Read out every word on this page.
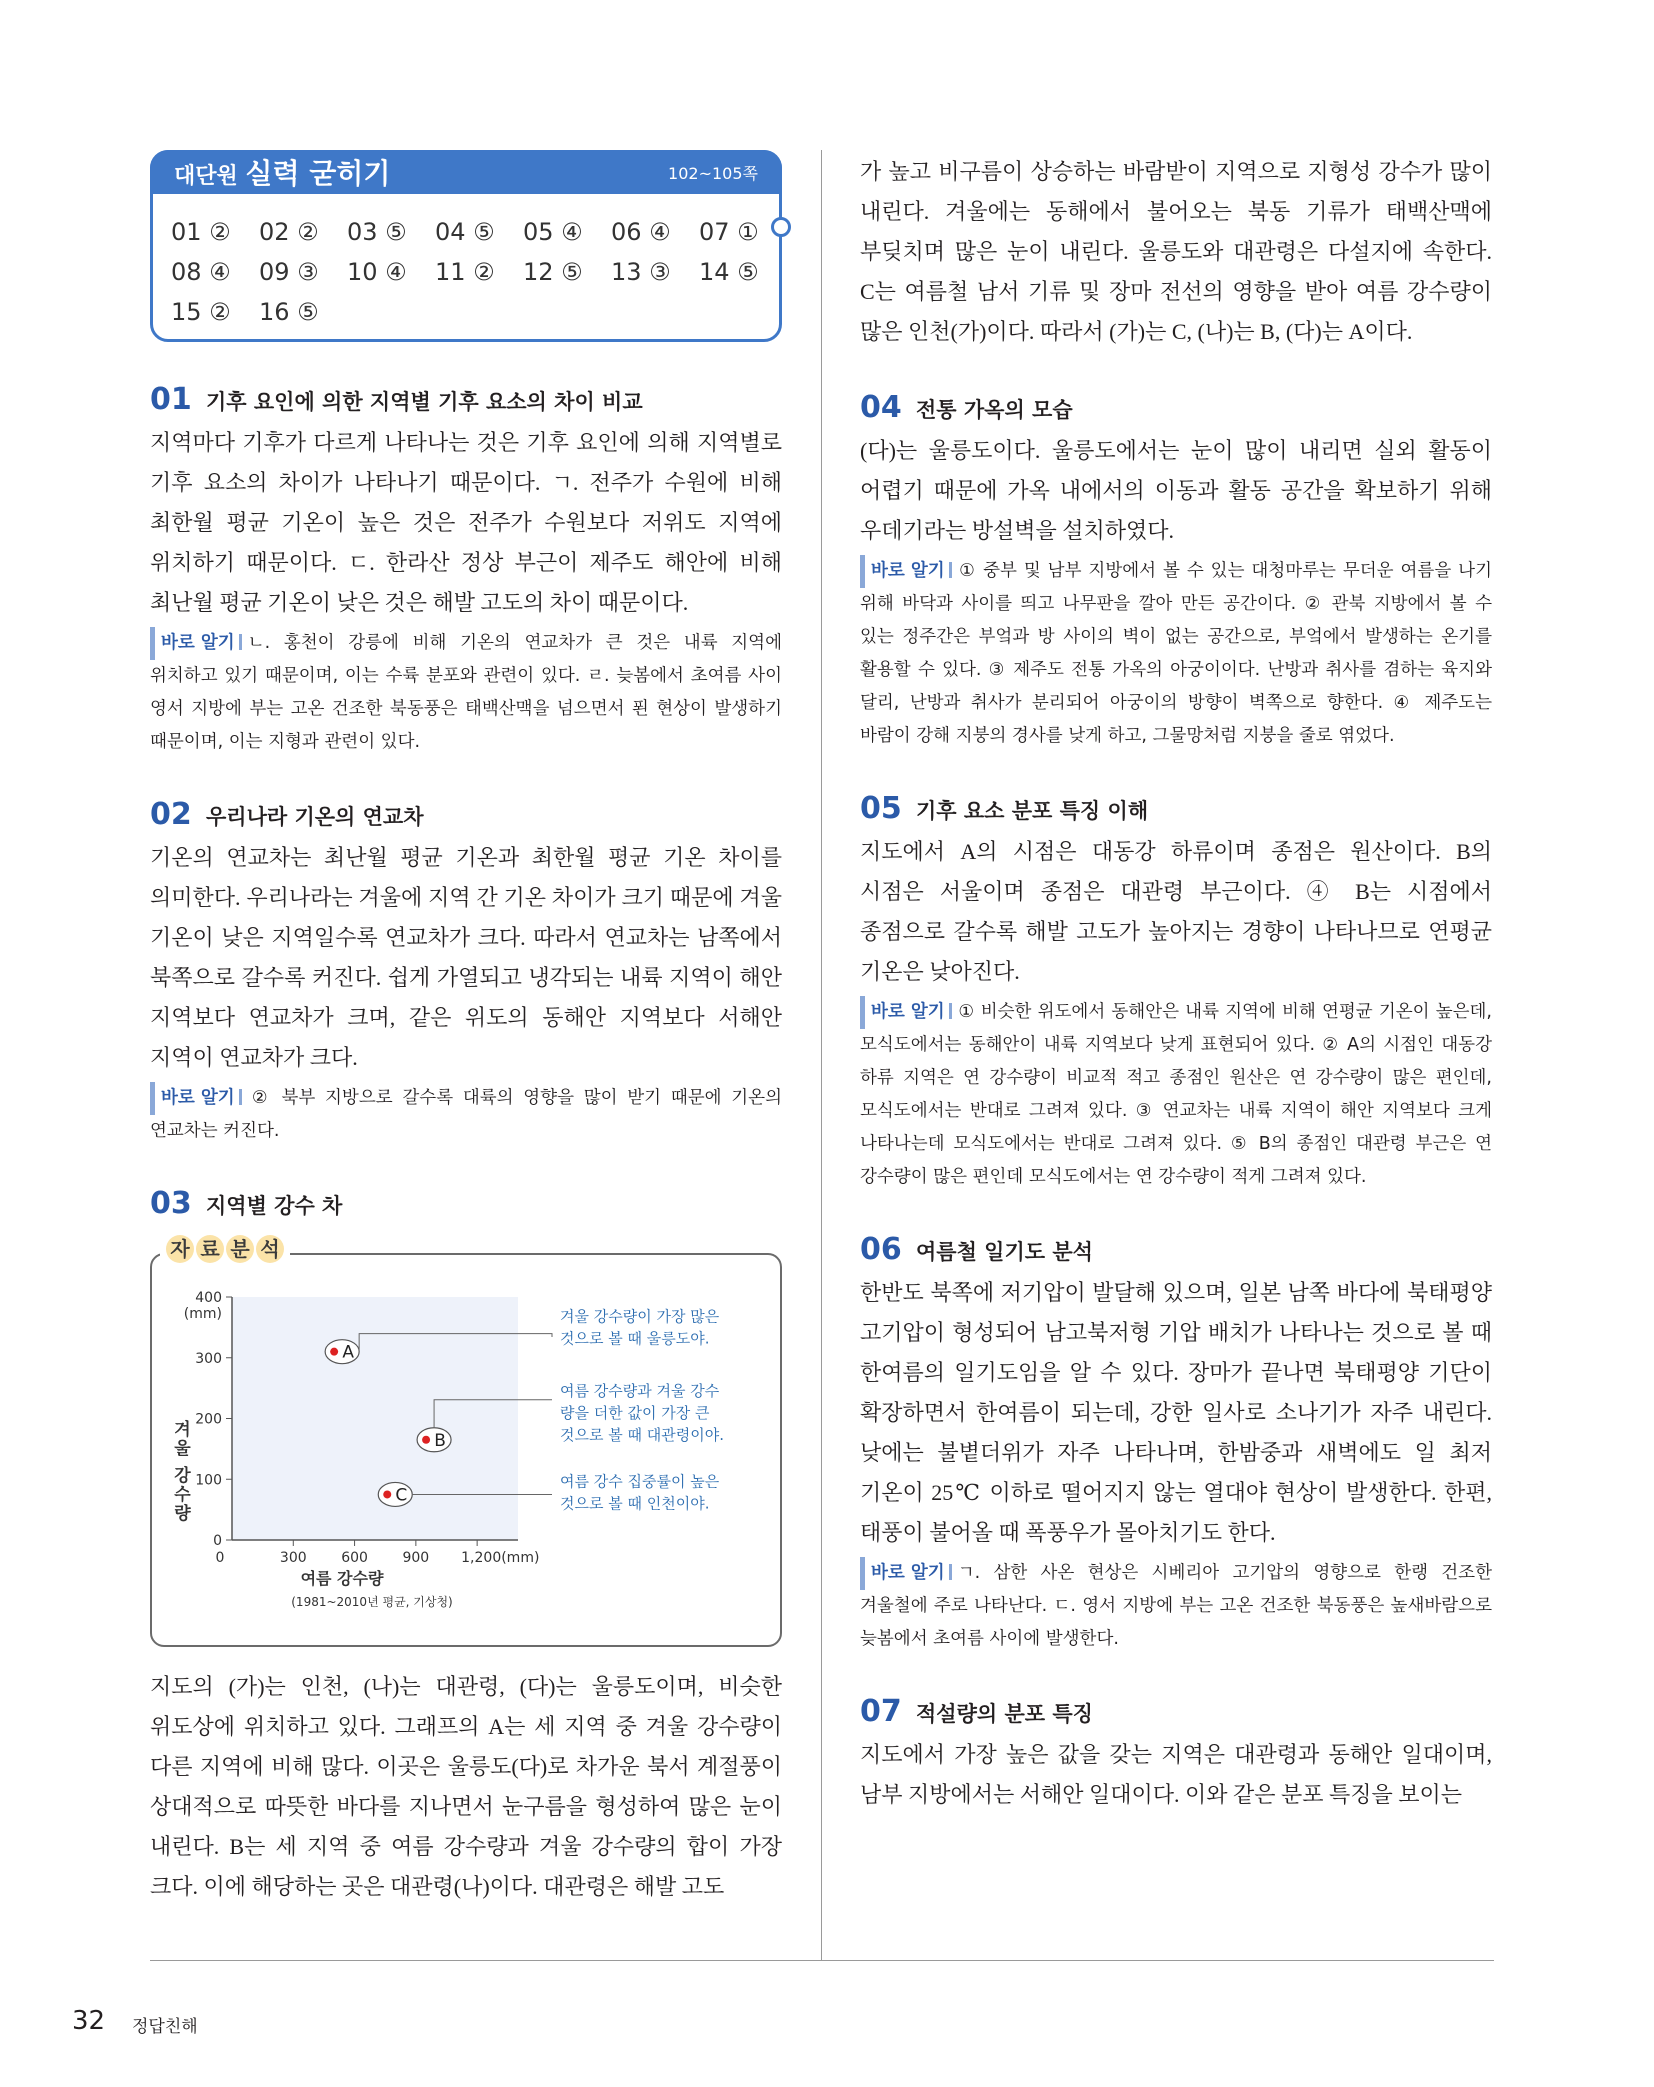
대단원 실력 굳히기	102~105쪽
01 ②	02 ②	03 ⑤	04 ⑤	05 ④	06 ④	07 ①
08 ④	09 ③	10 ④	11 ②	12 ⑤	13 ③	14 ⑤
15 ②	16 ⑤
01 기후 요인에 의한 지역별 기후 요소의 차이 비교

지역마다 기후가 다르게 나타나는 것은 기후 요인에 의해 지역별로 기후 요소의 차이가 나타나기 때문이다. ㄱ. 전주가 수원에 비해 최한월 평균 기온이 높은 것은 전주가 수원보다 저위도 지역에 위치하기 때문이다. ㄷ. 한라산 정상 부근이 제주도 해안에 비해 최난월 평균 기온이 낮은 것은 해발 고도의 차이 때문이다.

바로 알기 ㄴ. 홍천이 강릉에 비해 기온의 연교차가 큰 것은 내륙 지역에 위치하고 있기 때문이며, 이는 수륙 분포와 관련이 있다. ㄹ. 늦봄에서 초여름 사이 영서 지방에 부는 고온 건조한 북동풍은 태백산맥을 넘으면서 푄 현상이 발생하기 때문이며, 이는 지형과 관련이 있다.

02 우리나라 기온의 연교차

기온의 연교차는 최난월 평균 기온과 최한월 평균 기온 차이를 의미한다. 우리나라는 겨울에 지역 간 기온 차이가 크기 때문에 겨울 기온이 낮은 지역일수록 연교차가 크다. 따라서 연교차는 남쪽에서 북쪽으로 갈수록 커진다. 쉽게 가열되고 냉각되는 내륙 지역이 해안 지역보다 연교차가 크며, 같은 위도의 동해안 지역보다 서해안 지역이 연교차가 크다.

바로 알기 ② 북부 지방으로 갈수록 대륙의 영향을 많이 받기 때문에 기온의 연교차는 커진다.

03 지역별 강수 차
자 료 분 석
0
100
200
300
400
(mm)
300 600 900 1,200(mm)
0
여름 강수량
(1981~2010년 평균, 기상청)
겨울 강수량
A
겨울 강수량이 가장 많은
것으로 볼 때 울릉도야.
B
여름 강수량과 겨울 강수
량을 더한 값이 가장 큰
것으로 볼 때 대관령이야.
C
여름 강수 집중률이 높은
것으로 볼 때 인천이야.

지도의 (가)는 인천, (나)는 대관령, (다)는 울릉도이며, 비슷한 위도상에 위치하고 있다. 그래프의 A는 세 지역 중 겨울 강수량이 다른 지역에 비해 많다. 이곳은 울릉도(다)로 차가운 북서 계절풍이 상대적으로 따뜻한 바다를 지나면서 눈구름을 형성하여 많은 눈이 내린다. B는 세 지역 중 여름 강수량과 겨울 강수량의 합이 가장 크다. 이에 해당하는 곳은 대관령(나)이다. 대관령은 해발 고도

가 높고 비구름이 상승하는 바람받이 지역으로 지형성 강수가 많이 내린다. 겨울에는 동해에서 불어오는 북동 기류가 태백산맥에 부딪치며 많은 눈이 내린다. 울릉도와 대관령은 다설지에 속한다. C는 여름철 남서 기류 및 장마 전선의 영향을 받아 여름 강수량이 많은 인천(가)이다. 따라서 (가)는 C, (나)는 B, (다)는 A이다.

04 전통 가옥의 모습

(다)는 울릉도이다. 울릉도에서는 눈이 많이 내리면 실외 활동이 어렵기 때문에 가옥 내에서의 이동과 활동 공간을 확보하기 위해 우데기라는 방설벽을 설치하였다.

바로 알기 ① 중부 및 남부 지방에서 볼 수 있는 대청마루는 무더운 여름을 나기 위해 바닥과 사이를 띄고 나무판을 깔아 만든 공간이다. ② 관북 지방에서 볼 수 있는 정주간은 부엌과 방 사이의 벽이 없는 공간으로, 부엌에서 발생하는 온기를 활용할 수 있다. ③ 제주도 전통 가옥의 아궁이이다. 난방과 취사를 겸하는 육지와 달리, 난방과 취사가 분리되어 아궁이의 방향이 벽쪽으로 향한다. ④ 제주도는 바람이 강해 지붕의 경사를 낮게 하고, 그물망처럼 지붕을 줄로 엮었다.

05 기후 요소 분포 특징 이해

지도에서 A의 시점은 대동강 하류이며 종점은 원산이다. B의 시점은 서울이며 종점은 대관령 부근이다. ④ B는 시점에서 종점으로 갈수록 해발 고도가 높아지는 경향이 나타나므로 연평균 기온은 낮아진다.

바로 알기 ① 비슷한 위도에서 동해안은 내륙 지역에 비해 연평균 기온이 높은데, 모식도에서는 동해안이 내륙 지역보다 낮게 표현되어 있다. ② A의 시점인 대동강 하류 지역은 연 강수량이 비교적 적고 종점인 원산은 연 강수량이 많은 편인데, 모식도에서는 반대로 그려져 있다. ③ 연교차는 내륙 지역이 해안 지역보다 크게 나타나는데 모식도에서는 반대로 그려져 있다. ⑤ B의 종점인 대관령 부근은 연 강수량이 많은 편인데 모식도에서는 연 강수량이 적게 그려져 있다.

06 여름철 일기도 분석

한반도 북쪽에 저기압이 발달해 있으며, 일본 남쪽 바다에 북태평양 고기압이 형성되어 남고북저형 기압 배치가 나타나는 것으로 볼 때 한여름의 일기도임을 알 수 있다. 장마가 끝나면 북태평양 기단이 확장하면서 한여름이 되는데, 강한 일사로 소나기가 자주 내린다. 낮에는 불볕더위가 자주 나타나며, 한밤중과 새벽에도 일 최저 기온이 25℃ 이하로 떨어지지 않는 열대야 현상이 발생한다. 한편, 태풍이 불어올 때 폭풍우가 몰아치기도 한다.

바로 알기 ㄱ. 삼한 사온 현상은 시베리아 고기압의 영향으로 한랭 건조한 겨울철에 주로 나타난다. ㄷ. 영서 지방에 부는 고온 건조한 북동풍은 높새바람으로 늦봄에서 초여름 사이에 발생한다.

07 적설량의 분포 특징

지도에서 가장 높은 값을 갖는 지역은 대관령과 동해안 일대이며, 남부 지방에서는 서해안 일대이다. 이와 같은 분포 특징을 보이는

32 정답친해
